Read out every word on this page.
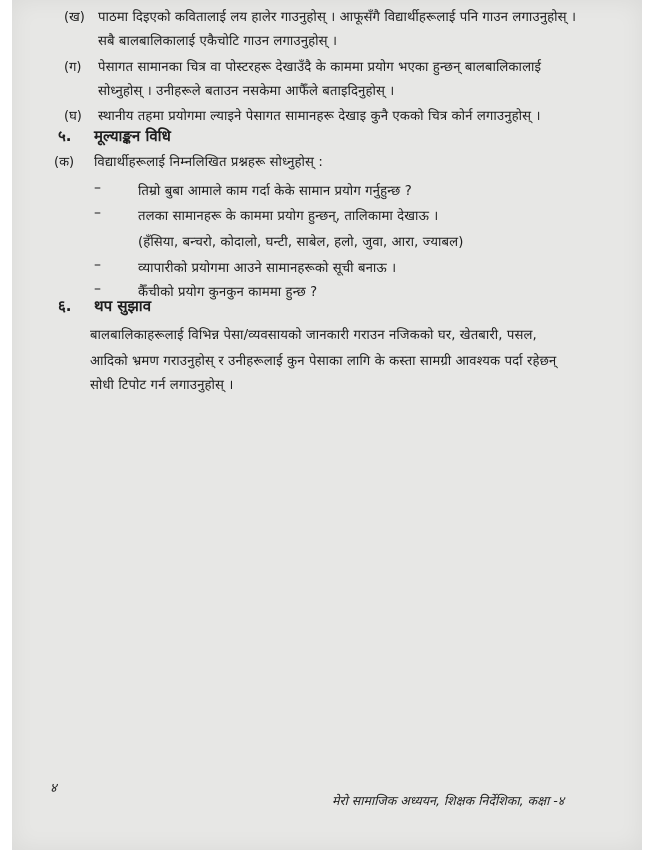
(ख) पाठमा दिइएको कवितालाई लय हालेर गाउनुहोस् । आफूसँगै विद्यार्थीहरूलाई पनि गाउन लगाउनुहोस् ।
सबै बालबालिकालाई एकैचोटि गाउन लगाउनुहोस् ।
(ग) पेसागत सामानका चित्र वा पोस्टरहरू देखाउँदै के काममा प्रयोग भएका हुन्छन् बालबालिकालाई
सोध्नुहोस् । उनीहरूले बताउन नसकेमा आफैँले बताइदिनुहोस् ।
(घ) स्थानीय तहमा प्रयोगमा ल्याइने पेसागत सामानहरू देखाइ कुनै एकको चित्र कोर्न लगाउनुहोस् ।
५. मूल्याङ्कन विधि
(क) विद्यार्थीहरूलाई निम्नलिखित प्रश्नहरू सोध्नुहोस् :
–	तिम्रो बुबा आमाले काम गर्दा केके सामान प्रयोग गर्नुहुन्छ ?
–	तलका सामानहरू के काममा प्रयोग हुन्छन्, तालिकामा देखाऊ ।
(हँसिया, बन्चरो, कोदालो, घन्टी, साबेल, हलो, जुवा, आरा, ज्याबल)
–	व्यापारीको प्रयोगमा आउने सामानहरूको सूची बनाऊ ।
–	कैँचीको प्रयोग कुनकुन काममा हुन्छ ?
६. थप सुझाव
बालबालिकाहरूलाई विभिन्न पेसा/व्यवसायको जानकारी गराउन नजिकको घर, खेतबारी, पसल,
आदिको भ्रमण गराउनुहोस् र उनीहरूलाई कुन पेसाका लागि के कस्ता सामग्री आवश्यक पर्दा रहेछन्
सोधी टिपोट गर्न लगाउनुहोस् ।
४
मेरो सामाजिक अध्ययन, शिक्षक निर्देशिका, कक्षा -४
